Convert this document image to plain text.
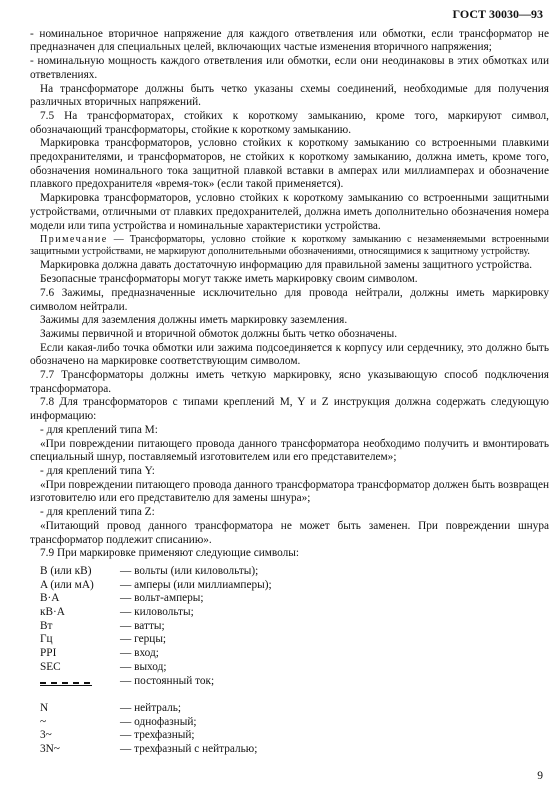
ГОСТ 30030—93

- номинальное вторичное напряжение для каждого ответвления или обмотки, если трансформатор не предназначен для специальных целей, включающих частые изменения вторичного напряжения;

- номинальную мощность каждого ответвления или обмотки, если они неодинаковы в этих обмотках или ответвлениях.

На трансформаторе должны быть четко указаны схемы соединений, необходимые для получения различных вторичных напряжений.

7.5 На трансформаторах, стойких к короткому замыканию, кроме того, маркируют символ, обозначающий трансформаторы, стойкие к короткому замыканию.

Маркировка трансформаторов, условно стойких к короткому замыканию со встроенными плавкими предохранителями, и трансформаторов, не стойких к короткому замыканию, должна иметь, кроме того, обозначения номинального тока защитной плавкой вставки в амперах или миллиамперах и обозначение плавкого предохранителя «время-ток» (если такой применяется).

Маркировка трансформаторов, условно стойких к короткому замыканию со встроенными защитными устройствами, отличными от плавких предохранителей, должна иметь дополнительно обозначения номера модели или типа устройства и номинальные характеристики устройства.

Примечание — Трансформаторы, условно стойкие к короткому замыканию с незаменяемыми встроенными защитными устройствами, не маркируют дополнительными обозначениями, относящимися к защитному устройству.

Маркировка должна давать достаточную информацию для правильной замены защитного устройства.

Безопасные трансформаторы могут также иметь маркировку своим символом.

7.6 Зажимы, предназначенные исключительно для провода нейтрали, должны иметь маркировку символом нейтрали.

Зажимы для заземления должны иметь маркировку заземления.

Зажимы первичной и вторичной обмоток должны быть четко обозначены.

Если какая-либо точка обмотки или зажима подсоединяется к корпусу или сердечнику, это должно быть обозначено на маркировке соответствующим символом.

7.7 Трансформаторы должны иметь четкую маркировку, ясно указывающую способ подключения трансформатора.

7.8 Для трансформаторов с типами креплений M, Y и Z инструкция должна содержать следующую информацию:

- для креплений типа M:

«При повреждении питающего провода данного трансформатора необходимо получить и вмонтировать специальный шнур, поставляемый изготовителем или его представителем»;

- для креплений типа Y:

«При повреждении питающего провода данного трансформатора трансформатор должен быть возвращен изготовителю или его представителю для замены шнура»;

- для креплений типа Z:

«Питающий провод данного трансформатора не может быть заменен. При повреждении шнура трансформатор подлежит списанию».

7.9 При маркировке применяют следующие символы:

B (или кВ)	— вольты (или киловольты);
A (или мА)	— амперы (или миллиамперы);
B·A	— вольт-амперы;
кB·A	— киловольты;
Вт	— ватты;
Гц	— герцы;
PPI	— вход;
SEC	— выход;
	— постоянный ток;

N	— нейтраль;
~	— однофазный;
3~	— трехфазный;
3N~	— трехфазный с нейтралью;
9
